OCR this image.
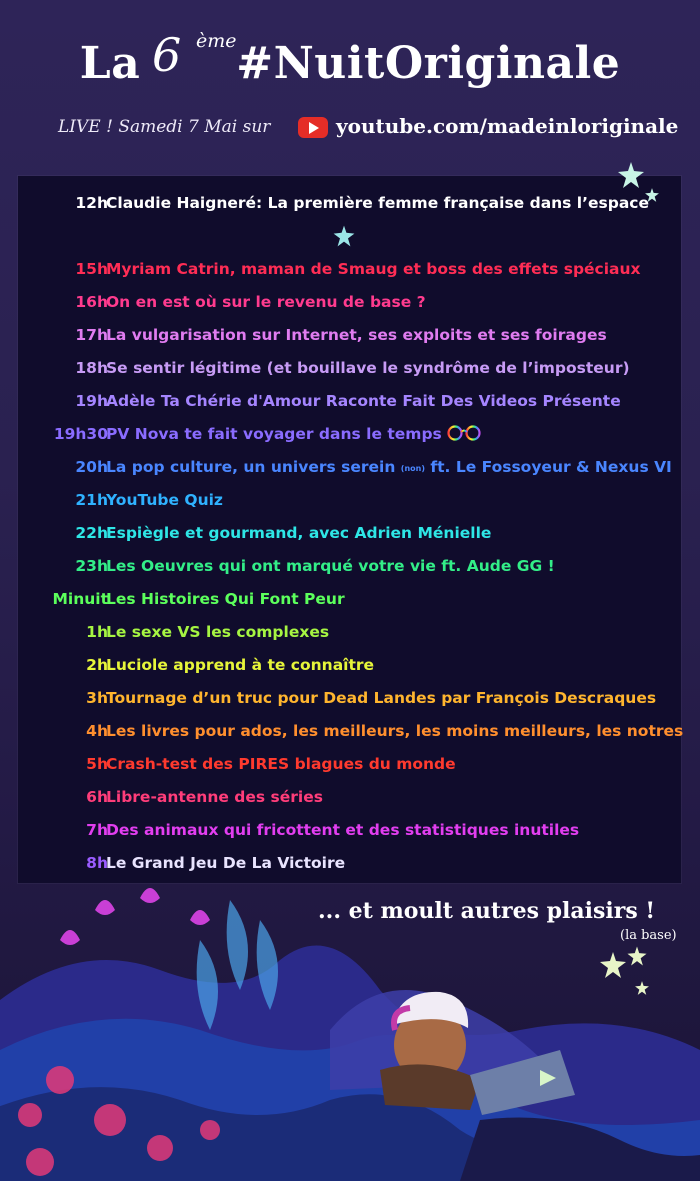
La #NuitOriginale
6 ème
LIVE ! Samedi 7 Mai sur	youtube.com/madeinloriginale
12h
Claudie Haigneré: La première femme française dans l’espace
15h
Myriam Catrin, maman de Smaug et boss des effets spéciaux
16h
On en est où sur le revenu de base ?
17h
La vulgarisation sur Internet, ses exploits et ses foirages
18h
Se sentir légitime (et bouillave le syndrôme de l’imposteur)
19h
Adèle Ta Chérie d'Amour Raconte Fait Des Videos Présente
19h30
PV Nova te fait voyager dans le temps
20h
La pop culture, un univers serein (non) ft. Le Fossoyeur & Nexus VI
21h
YouTube Quiz
22h
Espiègle et gourmand, avec Adrien Ménielle
23h
Les Oeuvres qui ont marqué votre vie ft. Aude GG !
Minuit
Les Histoires Qui Font Peur
1h
Le sexe VS les complexes
2h
Luciole apprend à te connaître
3h
Tournage d’un truc pour Dead Landes par François Descraques
4h
Les livres pour ados, les meilleurs, les moins meilleurs, les notres
5h
Crash-test des PIRES blagues du monde
6h
Libre-antenne des séries
7h
Des animaux qui fricottent et des statistiques inutiles
8h
Le Grand Jeu De La Victoire
... et moult autres plaisirs !
(la base)
